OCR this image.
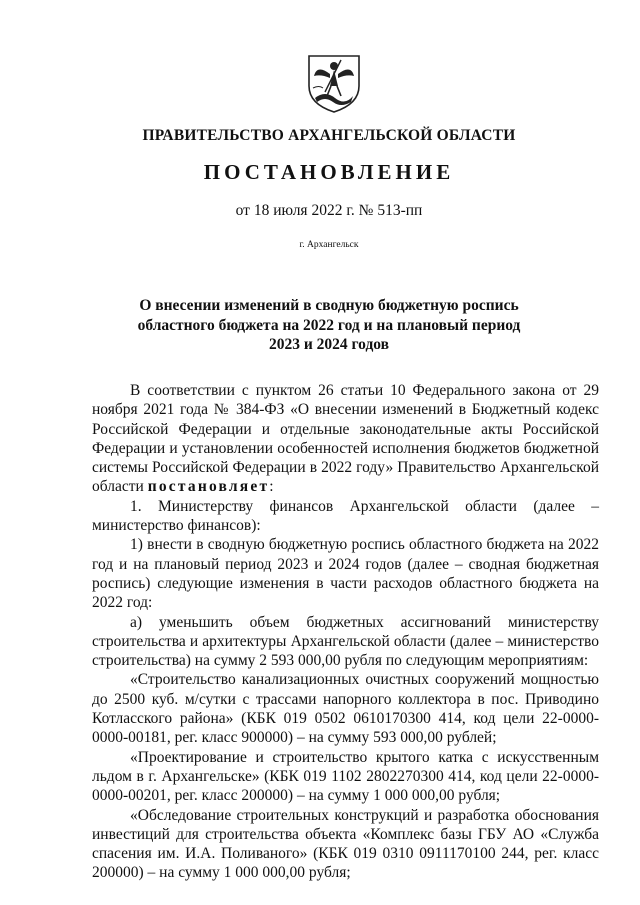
ПРАВИТЕЛЬСТВО АРХАНГЕЛЬСКОЙ ОБЛАСТИ
ПОСТАНОВЛЕНИЕ
от 18 июля 2022 г. № 513-пп
г. Архангельск
О внесении изменений в сводную бюджетную роспись
областного бюджета на 2022 год и на плановый период
2023 и 2024 годов

В соответствии с пунктом 26 статьи 10 Федерального закона от 29 ноября 2021 года № 384-ФЗ «О внесении изменений в Бюджетный кодекс Российской Федерации и отдельные законодательные акты Российской Федерации и установлении особенностей исполнения бюджетов бюджетной системы Российской Федерации в 2022 году» Правительство Архангельской области постановляет:

1. Министерству финансов Архангельской области (далее – министерство финансов):

1) внести в сводную бюджетную роспись областного бюджета на 2022 год и на плановый период 2023 и 2024 годов (далее – сводная бюджетная роспись) следующие изменения в части расходов областного бюджета на 2022 год:

а) уменьшить объем бюджетных ассигнований министерству строительства и архитектуры Архангельской области (далее – министерство строительства) на сумму 2 593 000,00 рубля по следующим мероприятиям:

«Строительство канализационных очистных сооружений мощностью до 2500 куб. м/сутки с трассами напорного коллектора в пос. Приводино Котласского района» (КБК 019 0502 0610170300 414, код цели 22-0000-0000-00181, рег. класс 900000) – на сумму 593 000,00 рублей;

«Проектирование и строительство крытого катка с искусственным льдом в г. Архангельске» (КБК 019 1102 2802270300 414, код цели 22-0000-0000-00201, рег. класс 200000) – на сумму 1 000 000,00 рубля;

«Обследование строительных конструкций и разработка обоснования инвестиций для строительства объекта «Комплекс базы ГБУ АО «Служба спасения им. И.А. Поливаного» (КБК 019 0310 0911170100 244, рег. класс 200000) – на сумму 1 000 000,00 рубля;
